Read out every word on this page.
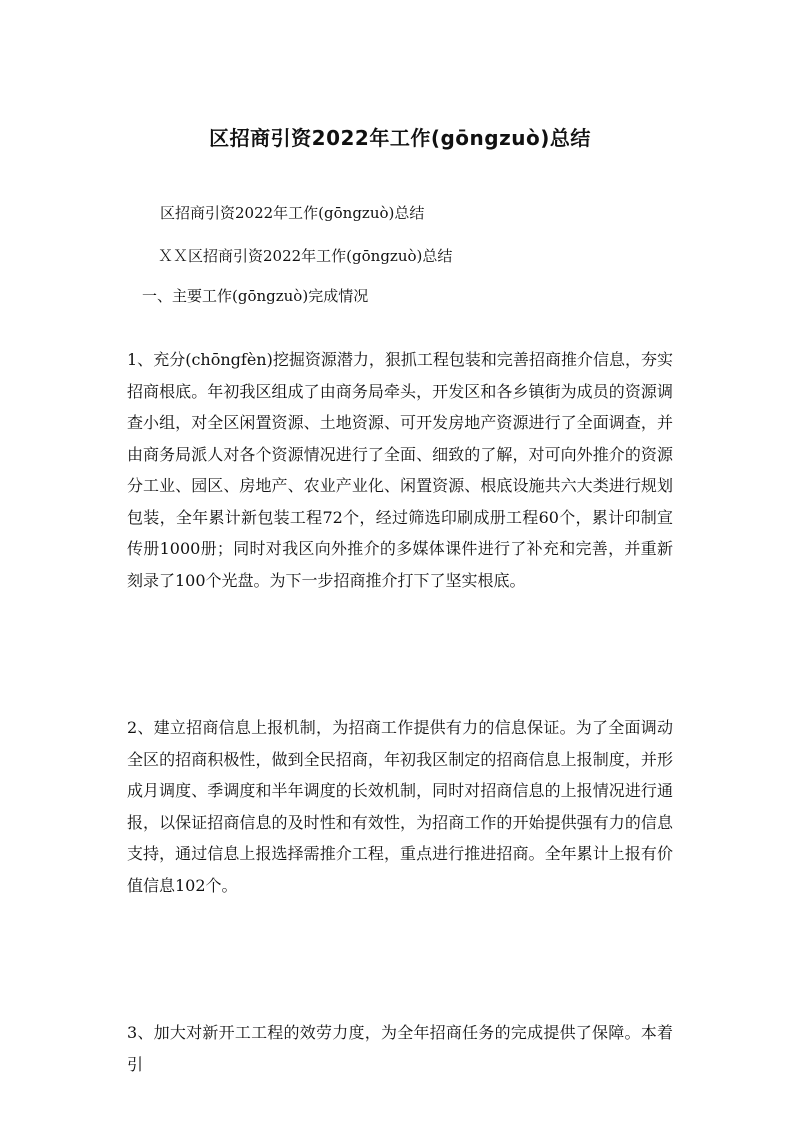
区招商引资2022年工作(gōngzuò)总结
区招商引资2022年工作(gōngzuò)总结
ＸＸ区招商引资2022年工作(gōngzuò)总结
一、主要工作(gōngzuò)完成情况

1、充分(chōngfèn)挖掘资源潜力，狠抓工程包装和完善招商推介信息，夯实招商根底。年初我区组成了由商务局牵头，开发区和各乡镇街为成员的资源调查小组，对全区闲置资源、土地资源、可开发房地产资源进行了全面调查，并由商务局派人对各个资源情况进行了全面、细致的了解，对可向外推介的资源分工业、园区、房地产、农业产业化、闲置资源、根底设施共六大类进行规划包装，全年累计新包装工程72个，经过筛选印刷成册工程60个，累计印制宣传册1000册；同时对我区向外推介的多媒体课件进行了补充和完善，并重新刻录了100个光盘。为下一步招商推介打下了坚实根底。

2、建立招商信息上报机制，为招商工作提供有力的信息保证。为了全面调动全区的招商积极性，做到全民招商，年初我区制定的招商信息上报制度，并形成月调度、季调度和半年调度的长效机制，同时对招商信息的上报情况进行通报，以保证招商信息的及时性和有效性，为招商工作的开始提供强有力的信息支持，通过信息上报选择需推介工程，重点进行推进招商。全年累计上报有价值信息102个。

3、加大对新开工工程的效劳力度，为全年招商任务的完成提供了保障。本着引
